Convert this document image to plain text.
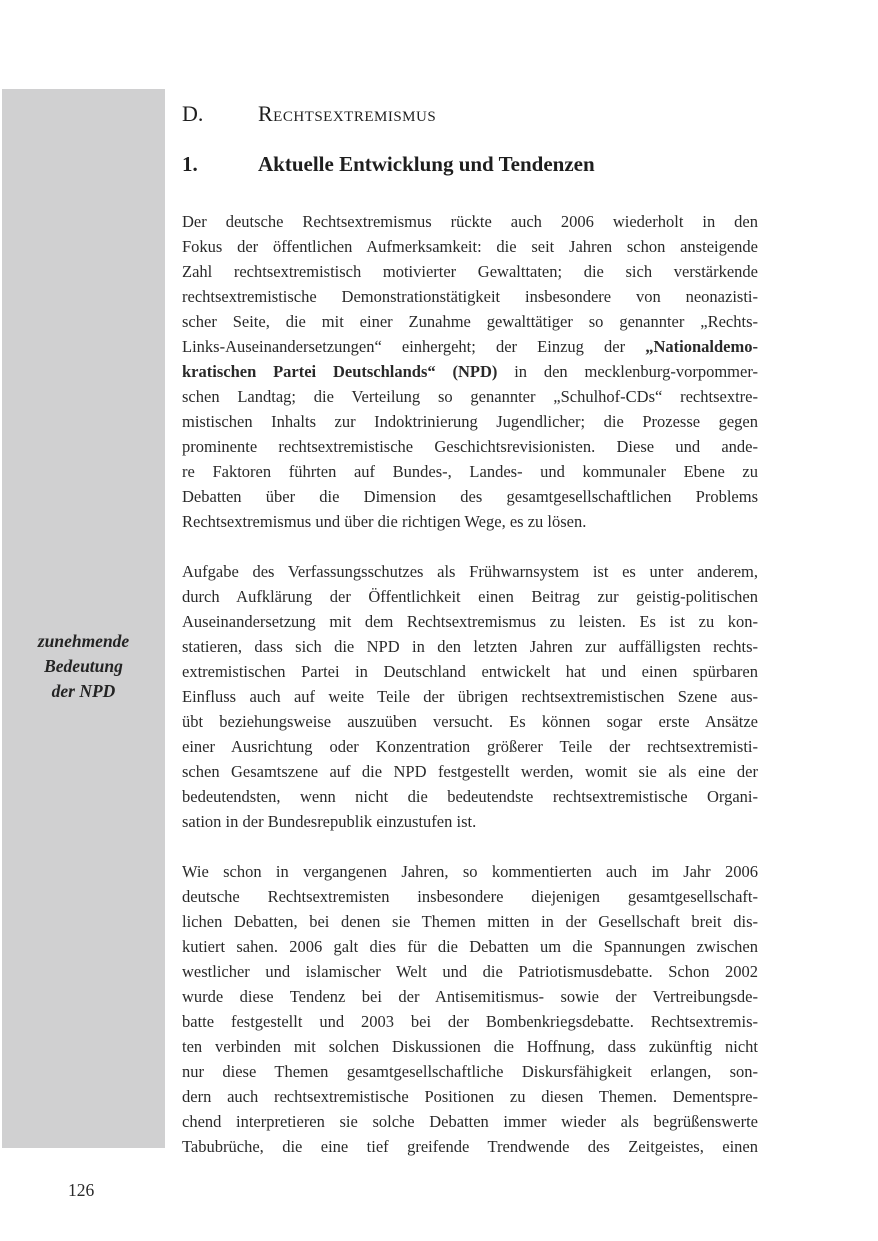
zunehmende
Bedeutung
der NPD
D.	Rechtsextremismus
1.	Aktuelle Entwicklung und Tendenzen
Der deutsche Rechtsextremismus rückte auch 2006 wiederholt in den
Fokus der öffentlichen Aufmerksamkeit: die seit Jahren schon ansteigende
Zahl rechtsextremistisch motivierter Gewalttaten; die sich verstärkende
rechtsextremistische Demonstrationstätigkeit insbesondere von neonazisti-
scher Seite, die mit einer Zunahme gewalttätiger so genannter „Rechts-
Links-Auseinandersetzungen“ einhergeht; der Einzug der „Nationaldemo-
kratischen Partei Deutschlands“ (NPD) in den mecklenburg-vorpommer-
schen Landtag; die Verteilung so genannter „Schulhof-CDs“ rechtsextre-
mistischen Inhalts zur Indoktrinierung Jugendlicher; die Prozesse gegen
prominente rechtsextremistische Geschichtsrevisionisten. Diese und ande-
re Faktoren führten auf Bundes-, Landes- und kommunaler Ebene zu
Debatten über die Dimension des gesamtgesellschaftlichen Problems
Rechtsextremismus und über die richtigen Wege, es zu lösen.
Aufgabe des Verfassungsschutzes als Frühwarnsystem ist es unter anderem,
durch Aufklärung der Öffentlichkeit einen Beitrag zur geistig-politischen
Auseinandersetzung mit dem Rechtsextremismus zu leisten. Es ist zu kon-
statieren, dass sich die NPD in den letzten Jahren zur auffälligsten rechts-
extremistischen Partei in Deutschland entwickelt hat und einen spürbaren
Einfluss auch auf weite Teile der übrigen rechtsextremistischen Szene aus-
übt beziehungsweise auszuüben versucht. Es können sogar erste Ansätze
einer Ausrichtung oder Konzentration größerer Teile der rechtsextremisti-
schen Gesamtszene auf die NPD festgestellt werden, womit sie als eine der
bedeutendsten, wenn nicht die bedeutendste rechtsextremistische Organi-
sation in der Bundesrepublik einzustufen ist.
Wie schon in vergangenen Jahren, so kommentierten auch im Jahr 2006
deutsche Rechtsextremisten insbesondere diejenigen gesamtgesellschaft-
lichen Debatten, bei denen sie Themen mitten in der Gesellschaft breit dis-
kutiert sahen. 2006 galt dies für die Debatten um die Spannungen zwischen
westlicher und islamischer Welt und die Patriotismusdebatte. Schon 2002
wurde diese Tendenz bei der Antisemitismus- sowie der Vertreibungsde-
batte festgestellt und 2003 bei der Bombenkriegsdebatte. Rechtsextremis-
ten verbinden mit solchen Diskussionen die Hoffnung, dass zukünftig nicht
nur diese Themen gesamtgesellschaftliche Diskursfähigkeit erlangen, son-
dern auch rechtsextremistische Positionen zu diesen Themen. Dementspre-
chend interpretieren sie solche Debatten immer wieder als begrüßenswerte
Tabubrüche, die eine tief greifende Trendwende des Zeitgeistes, einen
126
